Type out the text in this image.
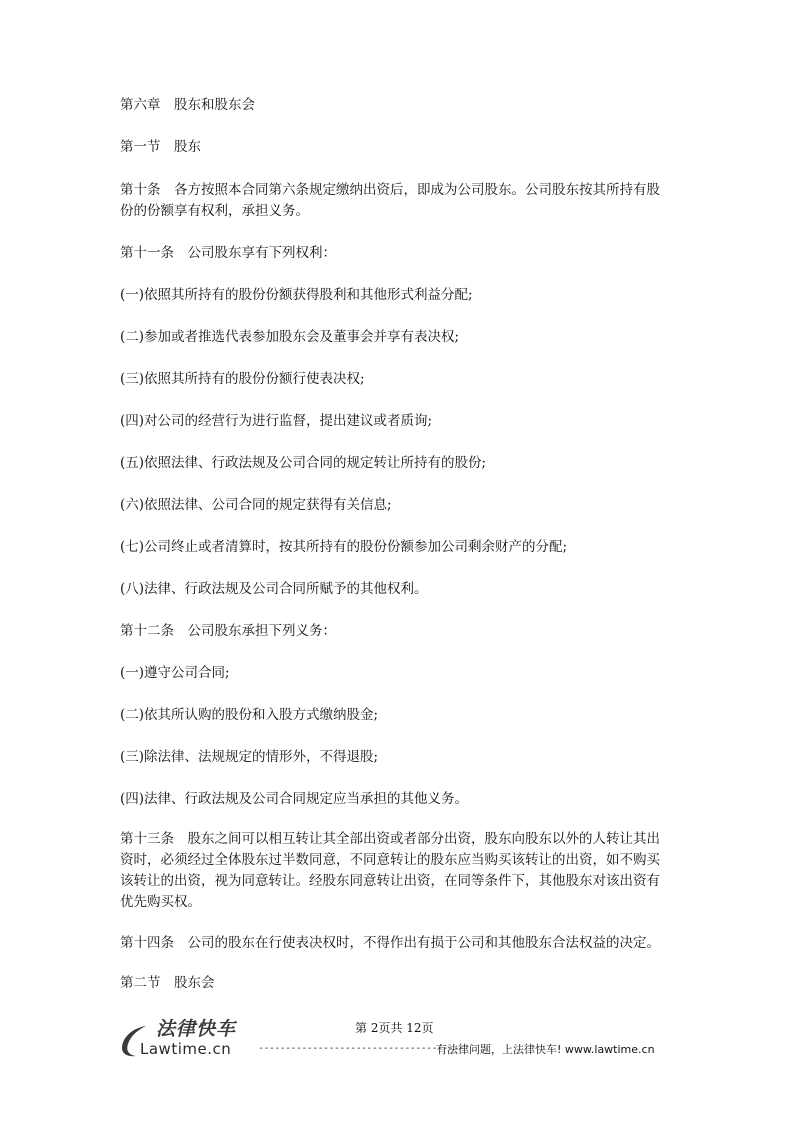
第六章　股东和股东会
第一节　股东
第十条　各方按照本合同第六条规定缴纳出资后，即成为公司股东。公司股东按其所持有股
份的份额享有权利，承担义务。
第十一条　公司股东享有下列权利：
(一)依照其所持有的股份份额获得股利和其他形式利益分配;
(二)参加或者推选代表参加股东会及董事会并享有表决权;
(三)依照其所持有的股份份额行使表决权;
(四)对公司的经营行为进行监督，提出建议或者质询;
(五)依照法律、行政法规及公司合同的规定转让所持有的股份;
(六)依照法律、公司合同的规定获得有关信息;
(七)公司终止或者清算时，按其所持有的股份份额参加公司剩余财产的分配;
(八)法律、行政法规及公司合同所赋予的其他权利。
第十二条　公司股东承担下列义务：
(一)遵守公司合同;
(二)依其所认购的股份和入股方式缴纳股金;
(三)除法律、法规规定的情形外，不得退股;
(四)法律、行政法规及公司合同规定应当承担的其他义务。
第十三条　股东之间可以相互转让其全部出资或者部分出资，股东向股东以外的人转让其出
资时，必须经过全体股东过半数同意，不同意转让的股东应当购买该转让的出资，如不购买
该转让的出资，视为同意转让。经股东同意转让出资，在同等条件下，其他股东对该出资有
优先购买权。
第十四条　公司的股东在行使表决权时，不得作出有损于公司和其他股东合法权益的决定。
第二节　股东会
第 2页共 12页
法律快车
Lawtime.cn	--------------------------------------
有法律问题，上法律快车! www.lawtime.cn
